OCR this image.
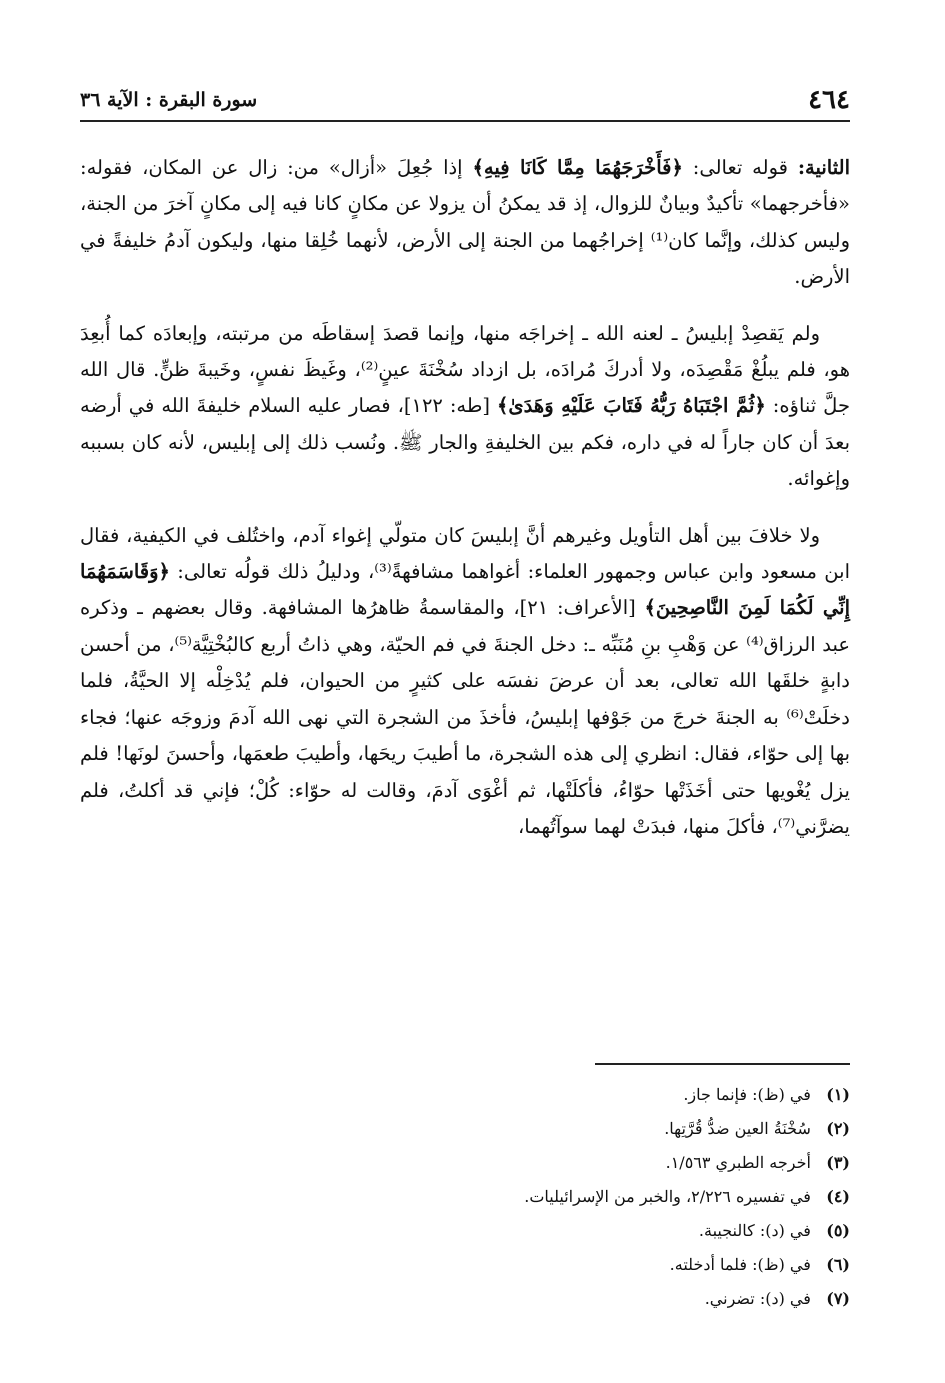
٤٦٤
سورة البقرة : الآية ٣٦

الثانية: قوله تعالى: ﴿فَأَخْرَجَهُمَا مِمَّا كَانَا فِيهِ﴾ إذا جُعِلَ «أزال» من: زال عن المكان، فقوله: «فأخرجهما» تأكيدٌ وبيانٌ للزوال، إذ قد يمكنُ أن يزولا عن مكانٍ كانا فيه إلى مكانٍ آخرَ من الجنة، وليس كذلك، وإنَّما كان⁽¹⁾ إخراجُهما من الجنة إلى الأرض، لأنهما خُلِقا منها، وليكون آدمُ خليفةً في الأرض.

ولم يَقصِدْ إبليسُ ـ لعنه الله ـ إخراجَه منها، وإنما قصدَ إسقاطَه من مرتبته، وإبعادَه كما أُبعِدَ هو، فلم يبلُغْ مَقْصِدَه، ولا أدركَ مُرادَه، بل ازداد سُخْنَةَ عينٍ⁽²⁾، وغَيظَ نفسٍ، وخَيبةَ ظنٍّ. قال الله جلَّ ثناؤه: ﴿ثُمَّ اجْتَبَاهُ رَبُّهُ فَتَابَ عَلَيْهِ وَهَدَىٰ﴾ [طه: ١٢٢]، فصار عليه السلام خليفةَ الله في أرضه بعدَ أن كان جاراً له في داره، فكم بين الخليفةِ والجار ﷺ. ونُسب ذلك إلى إبليس، لأنه كان بسببه وإغوائه.

ولا خلافَ بين أهل التأويل وغيرهم أنَّ إبليسَ كان متولّي إغواء آدم، واختُلف في الكيفية، فقال ابن مسعود وابن عباس وجمهور العلماء: أغواهما مشافهةً⁽³⁾، ودليلُ ذلك قولُه تعالى: ﴿وَقَاسَمَهُمَا إِنِّي لَكُمَا لَمِنَ النَّاصِحِينَ﴾ [الأعراف: ٢١]، والمقاسمةُ ظاهرُها المشافهة. وقال بعضهم ـ وذكره عبد الرزاق⁽⁴⁾ عن وَهْبِ بنِ مُنَبِّه ـ: دخل الجنةَ في فم الحيّة، وهي ذاتُ أربع كالبُخْتِيَّة⁽⁵⁾، من أحسن دابةٍ خلقَها الله تعالى، بعد أن عرضَ نفسَه على كثيرٍ من الحيوان، فلم يُدْخِلْه إلا الحيَّةُ، فلما دخلَتْ⁽⁶⁾ به الجنةَ خرجَ من جَوْفها إبليسُ، فأخذَ من الشجرة التي نهى الله آدمَ وزوجَه عنها؛ فجاء بها إلى حوّاء، فقال: انظري إلى هذه الشجرة، ما أطيبَ ريحَها، وأطيبَ طعمَها، وأحسنَ لونَها! فلم يزل يُغْويها حتى أخَذَتْها حوّاءُ، فأكلَتْها، ثم أغْوَى آدمَ، وقالت له حوّاء: كُلْ؛ فإني قد أكلتُ، فلم يضرَّني⁽⁷⁾، فأكلَ منها، فبدَتْ لهما سوآتُهما،

(١) في (ظ): فإنما جاز.
(٢) سُخْنَةُ العين ضدُّ قُرَّتِها.
(٣) أخرجه الطبري ١/٥٦٣.
(٤) في تفسيره ٢/٢٢٦، والخبر من الإسرائيليات.
(٥) في (د): كالنجيبة.
(٦) في (ظ): فلما أدخلته.
(٧) في (د): تضرني.
